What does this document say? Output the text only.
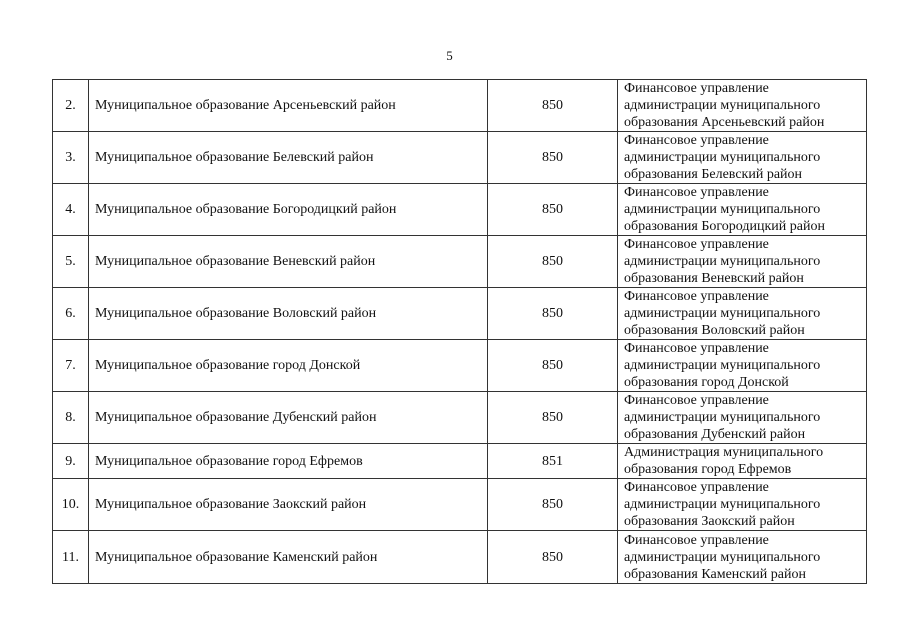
5
2.	Муниципальное образование Арсеньевский район	850	Финансовое управление
администрации муниципального
образования Арсеньевский район

3.	Муниципальное образование Белевский район	850	Финансовое управление
администрации муниципального
образования Белевский район

4.	Муниципальное образование Богородицкий район	850	Финансовое управление
администрации муниципального
образования Богородицкий район

5.	Муниципальное образование Веневский район	850	Финансовое управление
администрации муниципального
образования Веневский район

6.	Муниципальное образование Воловский район	850	Финансовое управление
администрации муниципального
образования Воловский район

7.	Муниципальное образование город Донской	850	Финансовое управление
администрации муниципального
образования город Донской

8.	Муниципальное образование Дубенский район	850	Финансовое управление
администрации муниципального
образования Дубенский район

9.	Муниципальное образование город Ефремов	851	Администрация муниципального
образования город Ефремов

10.	Муниципальное образование Заокский район	850	Финансовое управление
администрации муниципального
образования Заокский район

11.	Муниципальное образование Каменский район	850	Финансовое управление
администрации муниципального
образования Каменский район
